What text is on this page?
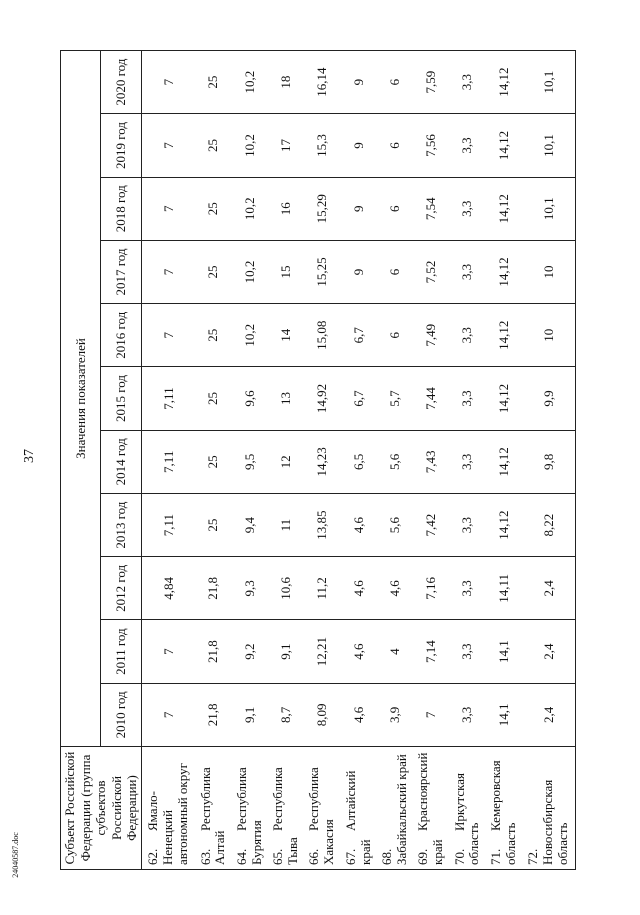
37
24040587.doc	Субъект Российской Федерации (группа субъектов Российской Федерации)	Значения показателей										
	2010 год	2011 год	2012 год	2013 год	2014 год	2015 год	2016 год	2017 год	2018 год	2019 год	2020 год
62.Ямало-Ненецкий автономный округ	7	7	4,84	7,11	7,11	7,11	7	7	7	7	7
63.Республика Алтай	21,8	21,8	21,8	25	25	25	25	25	25	25	25
64.Республика Бурятия	9,1	9,2	9,3	9,4	9,5	9,6	10,2	10,2	10,2	10,2	10,2
65.Республика Тыва	8,7	9,1	10,6	11	12	13	14	15	16	17	18
66.Республика Хакасия	8,09	12,21	11,2	13,85	14,23	14,92	15,08	15,25	15,29	15,3	16,14
67.Алтайский край	4,6	4,6	4,6	4,6	6,5	6,7	6,7	9	9	9	9
68.Забайкальский край	3,9	4	4,6	5,6	5,6	5,7	6	6	6	6	6
69.Красноярский край	7	7,14	7,16	7,42	7,43	7,44	7,49	7,52	7,54	7,56	7,59
70.Иркутская область	3,3	3,3	3,3	3,3	3,3	3,3	3,3	3,3	3,3	3,3	3,3
71.Кемеровская область	14,1	14,1	14,11	14,12	14,12	14,12	14,12	14,12	14,12	14,12	14,12
72.Новосибирская область	2,4	2,4	2,4	8,22	9,8	9,9	10	10	10,1	10,1	10,1
